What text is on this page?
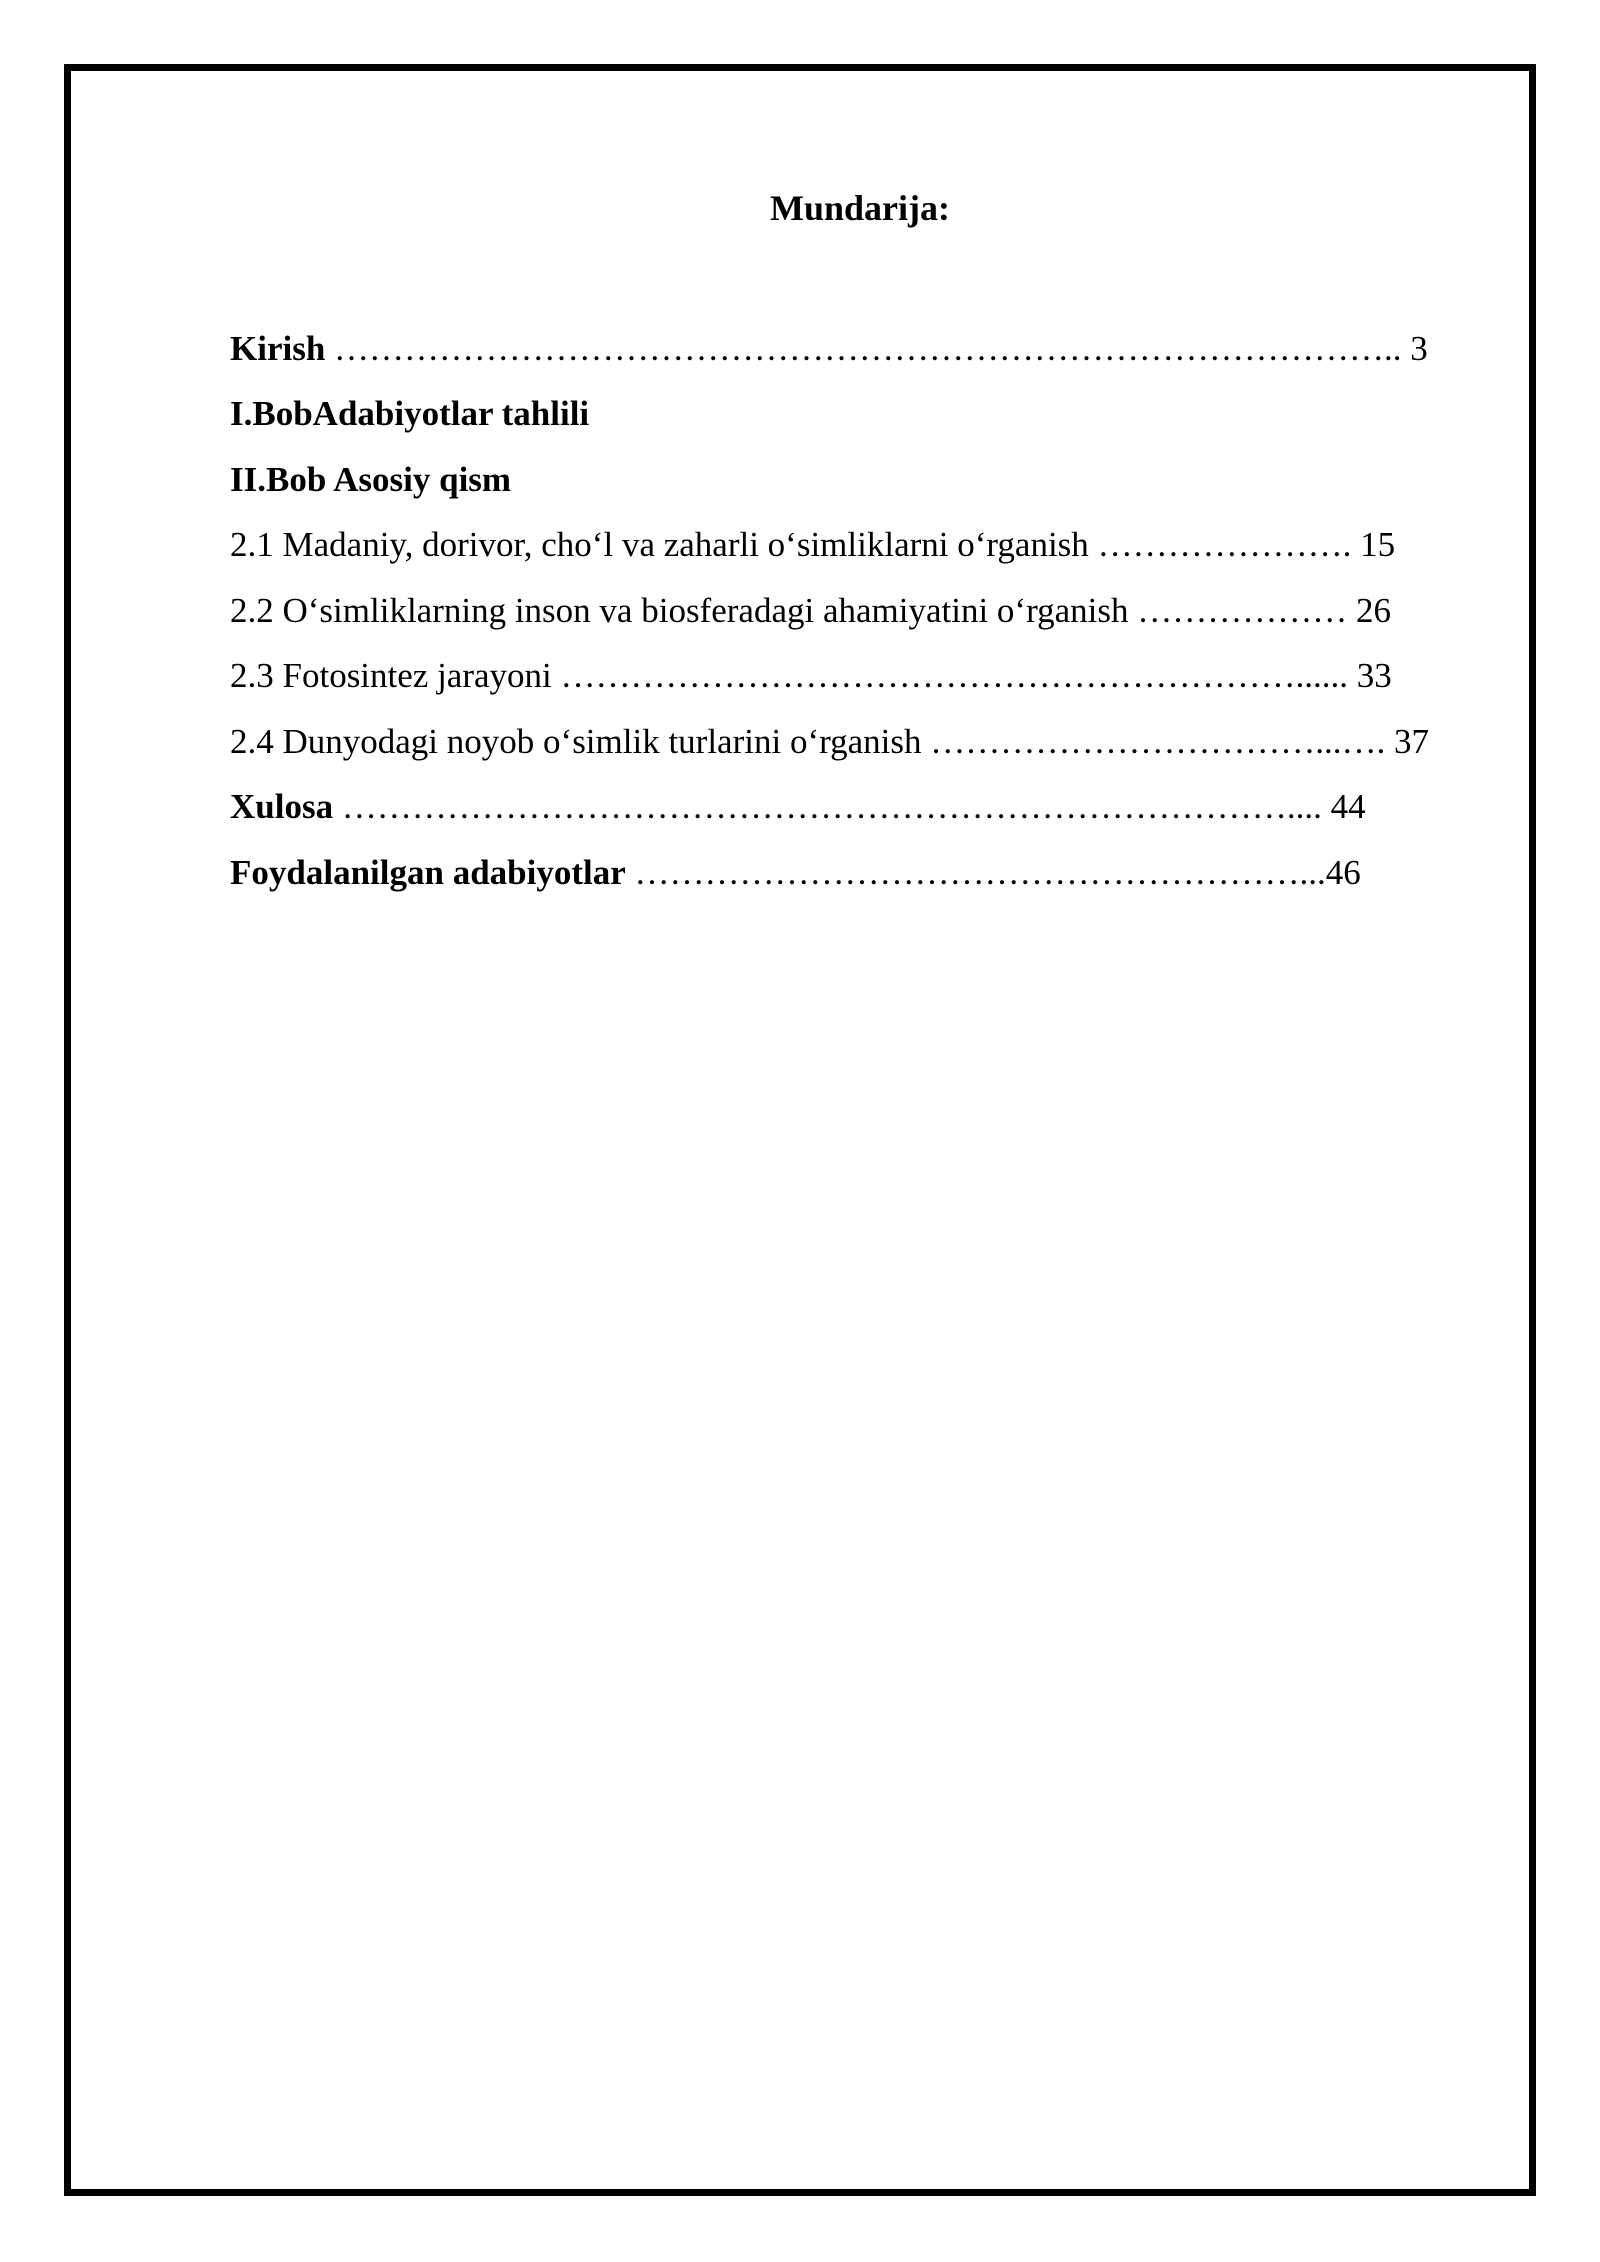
Mundarija:
Kirish ……………………………………………………………………………….. 3
I.BobAdabiyotlar tahlili
II.Bob Asosiy qism
2.1 Madaniy, dorivor, cho‘l va zaharli o‘simliklarni o‘rganish …………………. 15
2.2 O‘simliklarning inson va biosferadagi ahamiyatini o‘rganish ……………… 26
2.3 Fotosintez jarayoni ………………………………………………………...... 33
2.4 Dunyodagi noyob o‘simlik turlarini o‘rganish ……………………………...…. 37
Xulosa ……………………………………………………………………….... 44
Foydalanilgan adabiyotlar …………………………………………………...46
